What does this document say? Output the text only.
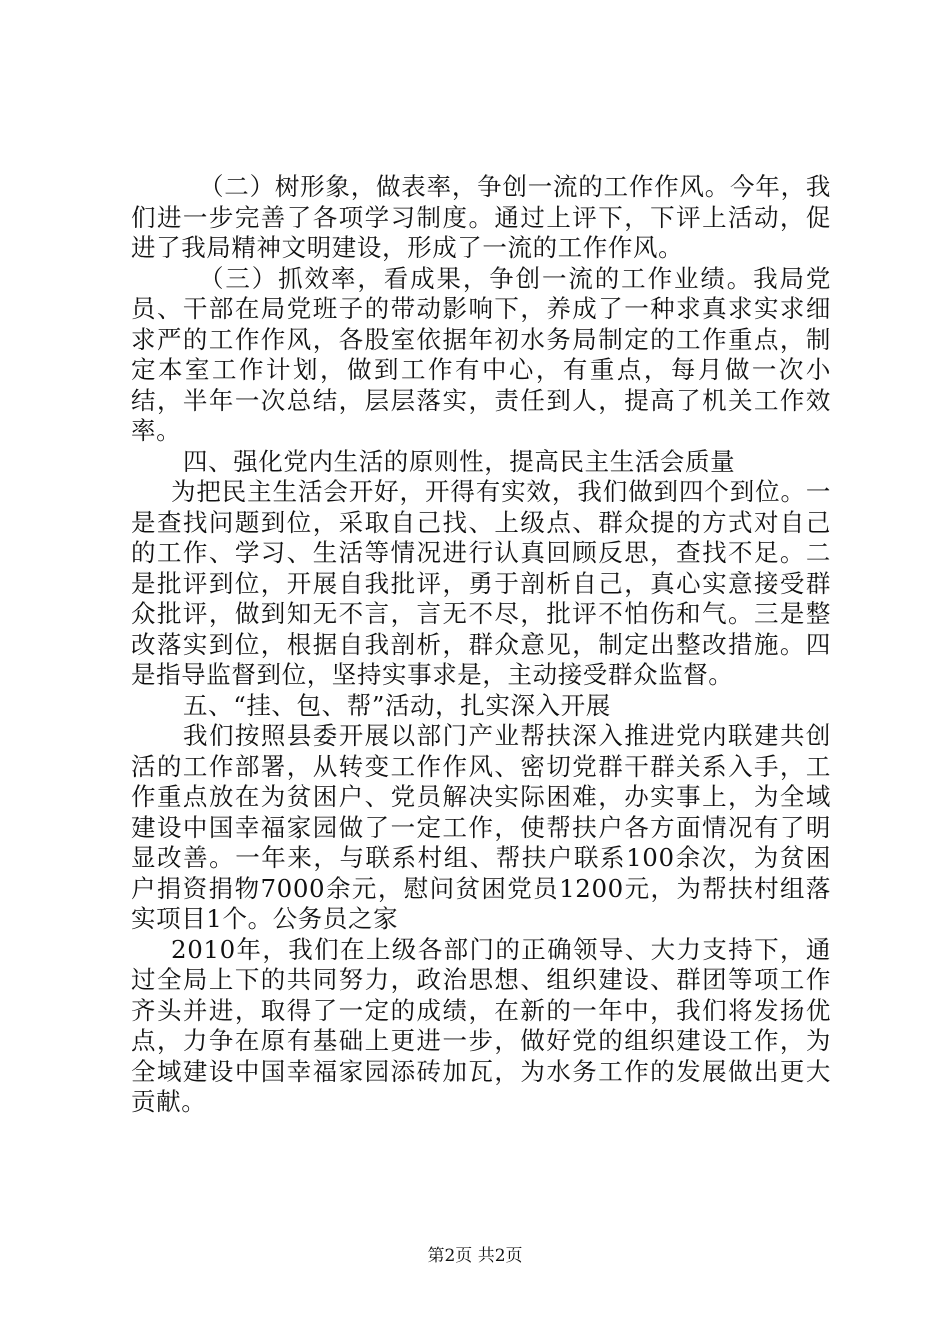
（二）树形象，做表率，争创一流的工作作风。今年，我们进一步完善了各项学习制度。通过上评下，下评上活动，促进了我局精神文明建设，形成了一流的工作作风。

（三）抓效率，看成果，争创一流的工作业绩。我局党员、干部在局党班子的带动影响下，养成了一种求真求实求细求严的工作作风，各股室依据年初水务局制定的工作重点，制定本室工作计划，做到工作有中心，有重点，每月做一次小结，半年一次总结，层层落实，责任到人，提高了机关工作效率。

四、强化党内生活的原则性，提高民主生活会质量

为把民主生活会开好，开得有实效，我们做到四个到位。一是查找问题到位，采取自己找、上级点、群众提的方式对自己的工作、学习、生活等情况进行认真回顾反思，查找不足。二是批评到位，开展自我批评，勇于剖析自己，真心实意接受群众批评，做到知无不言，言无不尽，批评不怕伤和气。三是整改落实到位，根据自我剖析，群众意见，制定出整改措施。四是指导监督到位，坚持实事求是，主动接受群众监督。

五、“挂、包、帮”活动，扎实深入开展

我们按照县委开展以部门产业帮扶深入推进党内联建共创活的工作部署，从转变工作作风、密切党群干群关系入手，工作重点放在为贫困户、党员解决实际困难，办实事上，为全域建设中国幸福家园做了一定工作，使帮扶户各方面情况有了明显改善。一年来，与联系村组、帮扶户联系100余次，为贫困户捐资捐物7000余元，慰问贫困党员1200元，为帮扶村组落实项目1个。公务员之家

2010年，我们在上级各部门的正确领导、大力支持下，通过全局上下的共同努力，政治思想、组织建设、群团等项工作齐头并进，取得了一定的成绩，在新的一年中，我们将发扬优点，力争在原有基础上更进一步，做好党的组织建设工作，为全域建设中国幸福家园添砖加瓦，为水务工作的发展做出更大贡献。

第2页 共2页
